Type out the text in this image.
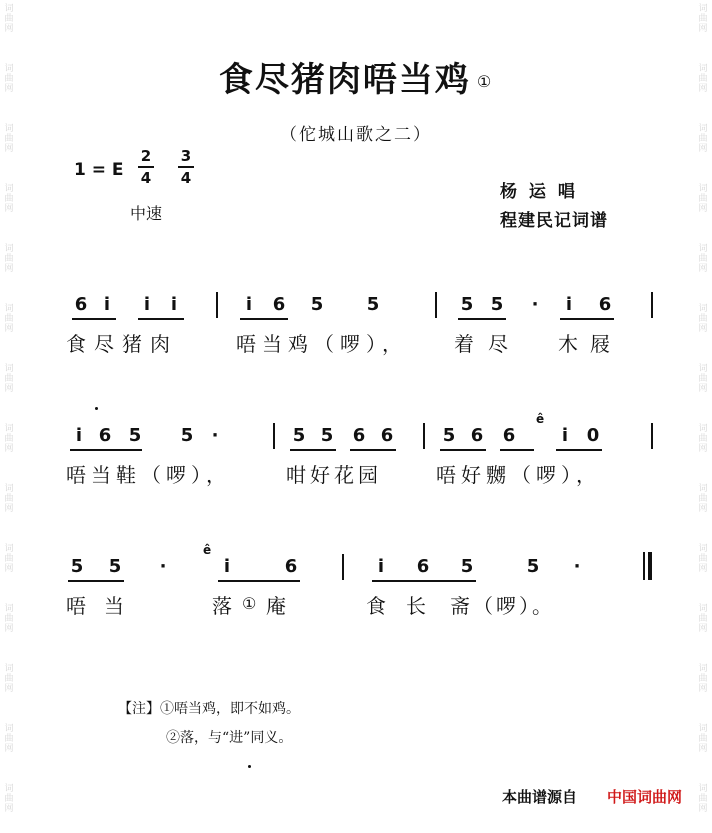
词
曲
网
词
曲
网
词
曲
网
词
曲
网
词
曲
网
词
曲
网
词
曲
网
词
曲
网
词
曲
网
词
曲
网
词
曲
网
词
曲
网
词
曲
网
词
曲
网
词
曲
网
词
曲
网
词
曲
网
词
曲
网
词
曲
网
词
曲
网
词
曲
网
词
曲
网
词
曲
网
词
曲
网
词
曲
网
词
曲
网
词
曲
网
词
曲
网
食尽猪肉唔当鸡 ①
（佗城山歌之二）
1 = E
2
4
3
4
中速
杨 运 唱
程建民记词谱
6 i	i	i	i	6 5 5	5 5	·	i	6
食尽猪肉	唔当鸡（啰）， 着尽 木屐
i 6 5 5	·	5 5 6 6	5 6 6	i	0
ê
唔当鞋（啰），	咁好花园	唔好嬲（啰），
5 5	·
ê
i	6	i	6 5	5	·
唔 当	落 ① 庵	食 长 斋（啰）。
【注】①唔当鸡，即不如鸡。
②落，与“进”同义。
本曲谱源自 中国词曲网
